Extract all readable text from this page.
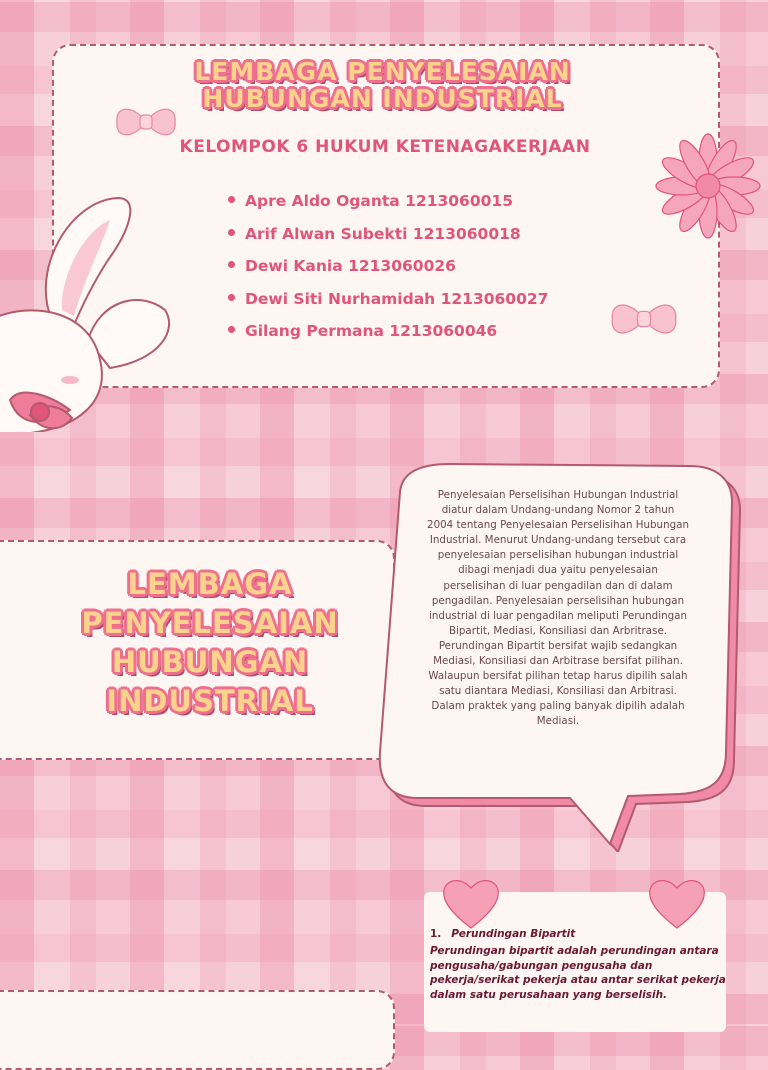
LEMBAGA PENYELESAIAN HUBUNGAN INDUSTRIAL
KELOMPOK 6 HUKUM KETENAGAKERJAAN
Apre Aldo Oganta 1213060015
Arif Alwan Subekti 1213060018
Dewi Kania 1213060026
Dewi Siti Nurhamidah 1213060027
Gilang Permana 1213060046
LEMBAGA
PENYELESAIAN
HUBUNGAN
INDUSTRIAL
Penyelesaian Perselisihan Hubungan Industrial diatur dalam Undang-undang Nomor 2 tahun 2004 tentang Penyelesaian Perselisihan Hubungan Industrial. Menurut Undang-undang tersebut cara penyelesaian perselisihan hubungan industrial dibagi menjadi dua yaitu penyelesaian perselisihan di luar pengadilan dan di dalam pengadilan. Penyelesaian perselisihan hubungan industrial di luar pengadilan meliputi Perundingan Bipartit, Mediasi, Konsiliasi dan Arbritrase. Perundingan Bipartit bersifat wajib sedangkan Mediasi, Konsiliasi dan Arbitrase bersifat pilihan. Walaupun bersifat pilihan tetap harus dipilih salah satu diantara Mediasi, Konsiliasi dan Arbitrasi. Dalam praktek yang paling banyak dipilih adalah Mediasi.
1. Perundingan Bipartit
Perundingan bipartit adalah perundingan antara pengusaha/gabungan pengusaha dan pekerja/serikat pekerja atau antar serikat pekerja dalam satu perusahaan yang berselisih.
